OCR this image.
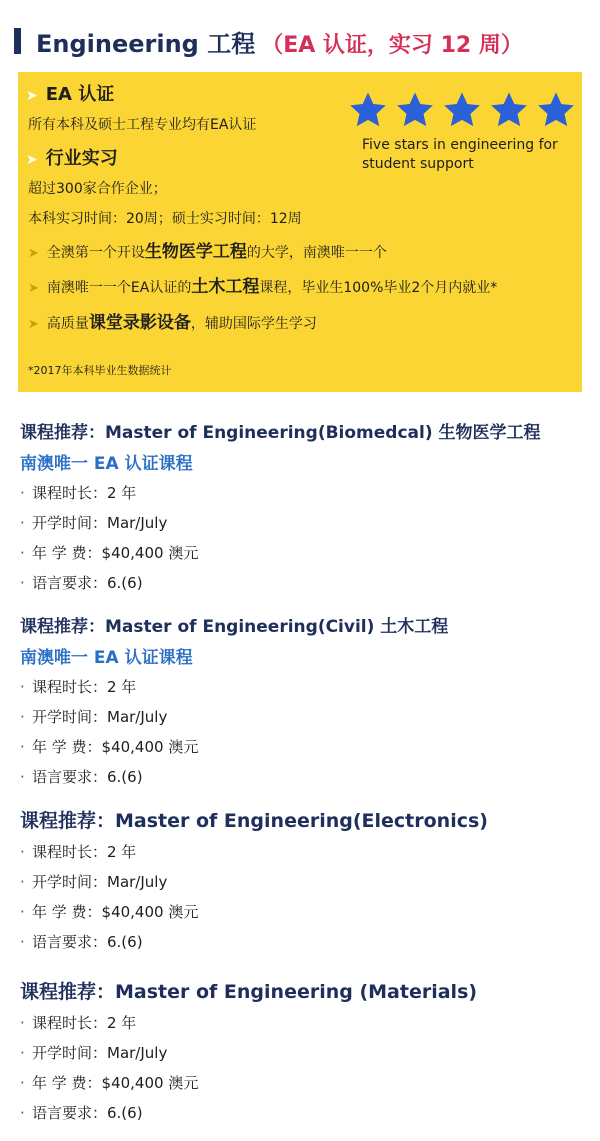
Engineering 工程 （EA 认证，实习 12 周）
➤ EA 认证
所有本科及硕士工程专业均有EA认证
➤ 行业实习
超过300家合作企业；
本科实习时间：20周；硕士实习时间：12周
➤ 全澳第一个开设生物医学工程的大学，南澳唯一一个
➤ 南澳唯一一个EA认证的土木工程课程，毕业生100%毕业2个月内就业*
➤ 高质量课堂录影设备，辅助国际学生学习
*2017年本科毕业生数据统计
Five stars in engineering for student support
课程推荐：Master of Engineering(Biomedcal) 生物医学工程
南澳唯一 EA 认证课程
· 课程时长：2 年
· 开学时间：Mar/July
· 年 学 费：$40,400 澳元
· 语言要求：6.(6)
课程推荐：Master of Engineering(Civil) 土木工程
南澳唯一 EA 认证课程
· 课程时长：2 年
· 开学时间：Mar/July
· 年 学 费：$40,400 澳元
· 语言要求：6.(6)
课程推荐：Master of Engineering(Electronics)
· 课程时长：2 年
· 开学时间：Mar/July
· 年 学 费：$40,400 澳元
· 语言要求：6.(6)
课程推荐：Master of Engineering (Materials)
· 课程时长：2 年
· 开学时间：Mar/July
· 年 学 费：$40,400 澳元
· 语言要求：6.(6)
